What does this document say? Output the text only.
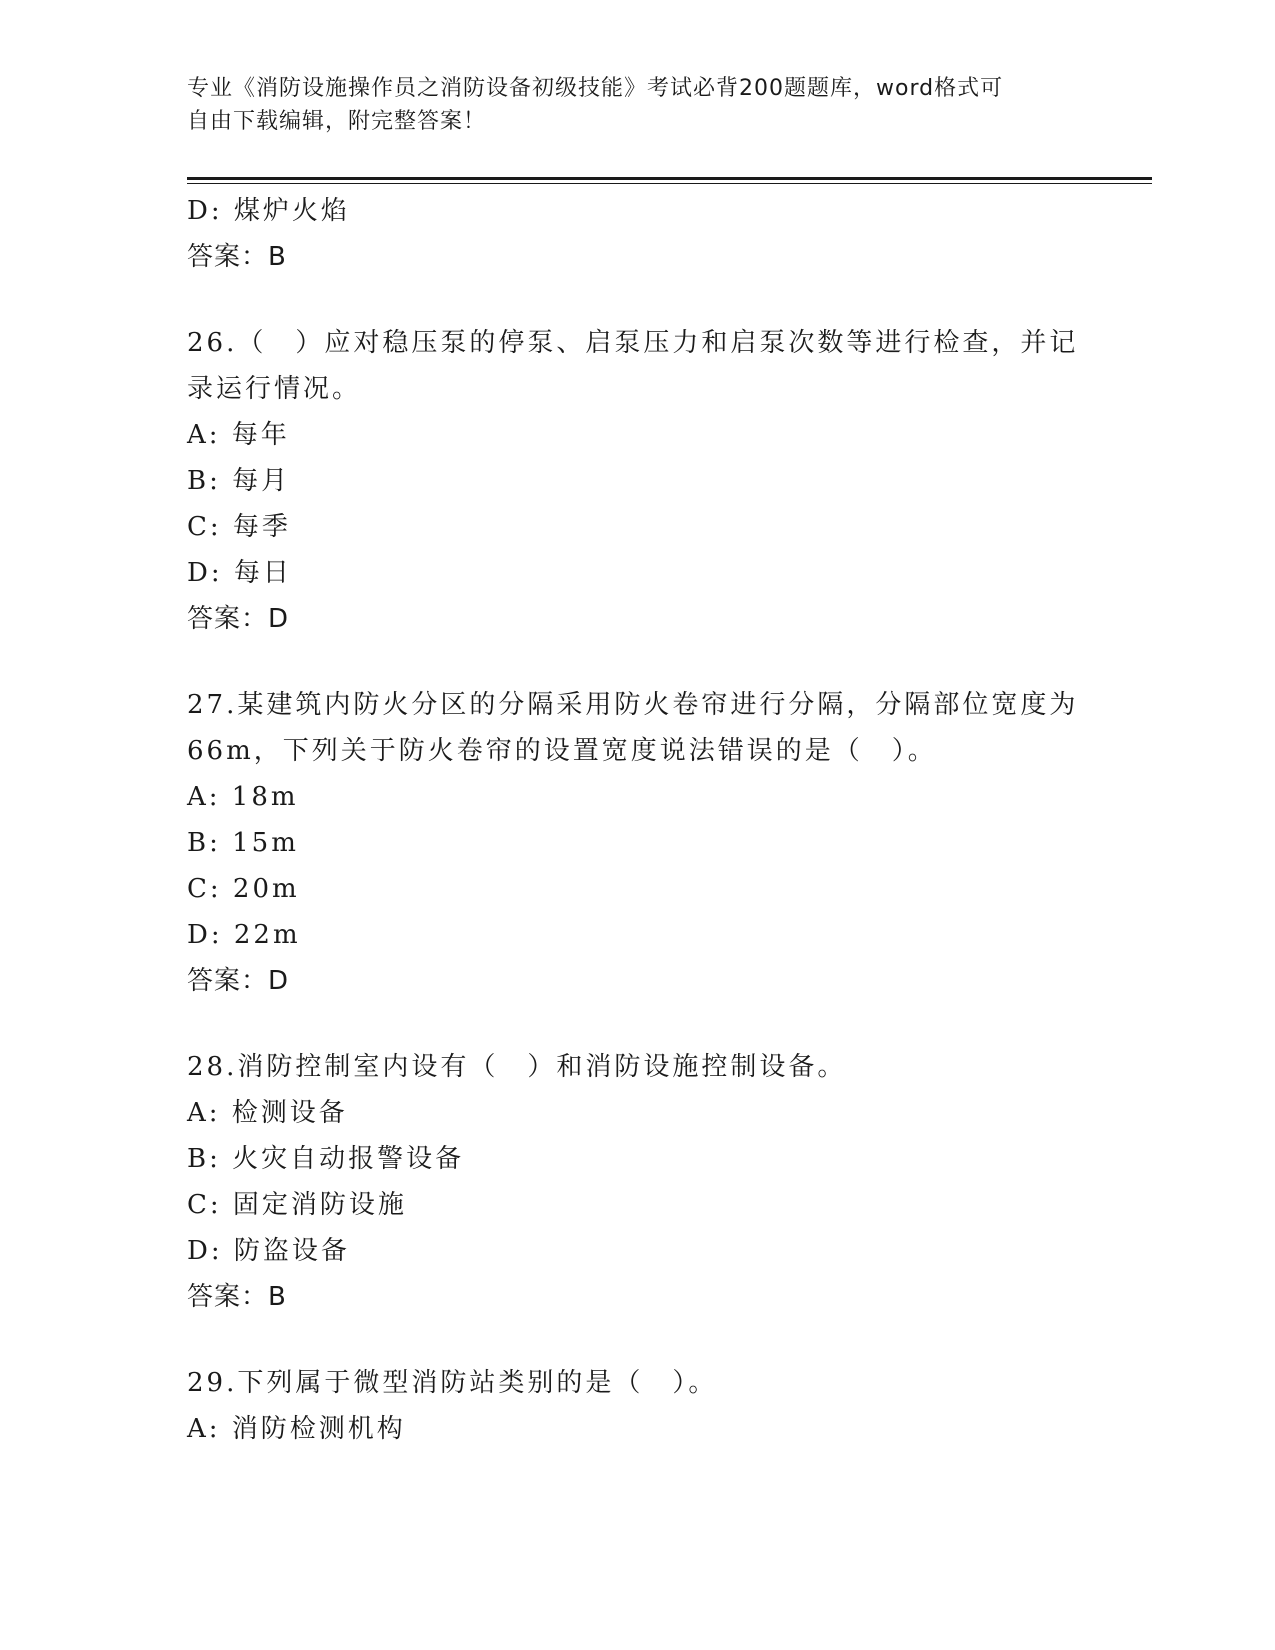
专业《消防设施操作员之消防设备初级技能》考试必背200题题库，word格式可
自由下载编辑，附完整答案！
D: 煤炉火焰
答案：B
26.（　）应对稳压泵的停泵、启泵压力和启泵次数等进行检查，并记
录运行情况。
A: 每年
B: 每月
C: 每季
D: 每日
答案：D
27.某建筑内防火分区的分隔采用防火卷帘进行分隔，分隔部位宽度为
66m，下列关于防火卷帘的设置宽度说法错误的是（　）。
A: 18m
B: 15m
C: 20m
D: 22m
答案：D
28.消防控制室内设有（　）和消防设施控制设备。
A: 检测设备
B: 火灾自动报警设备
C: 固定消防设施
D: 防盗设备
答案：B
29.下列属于微型消防站类别的是（　）。
A: 消防检测机构
